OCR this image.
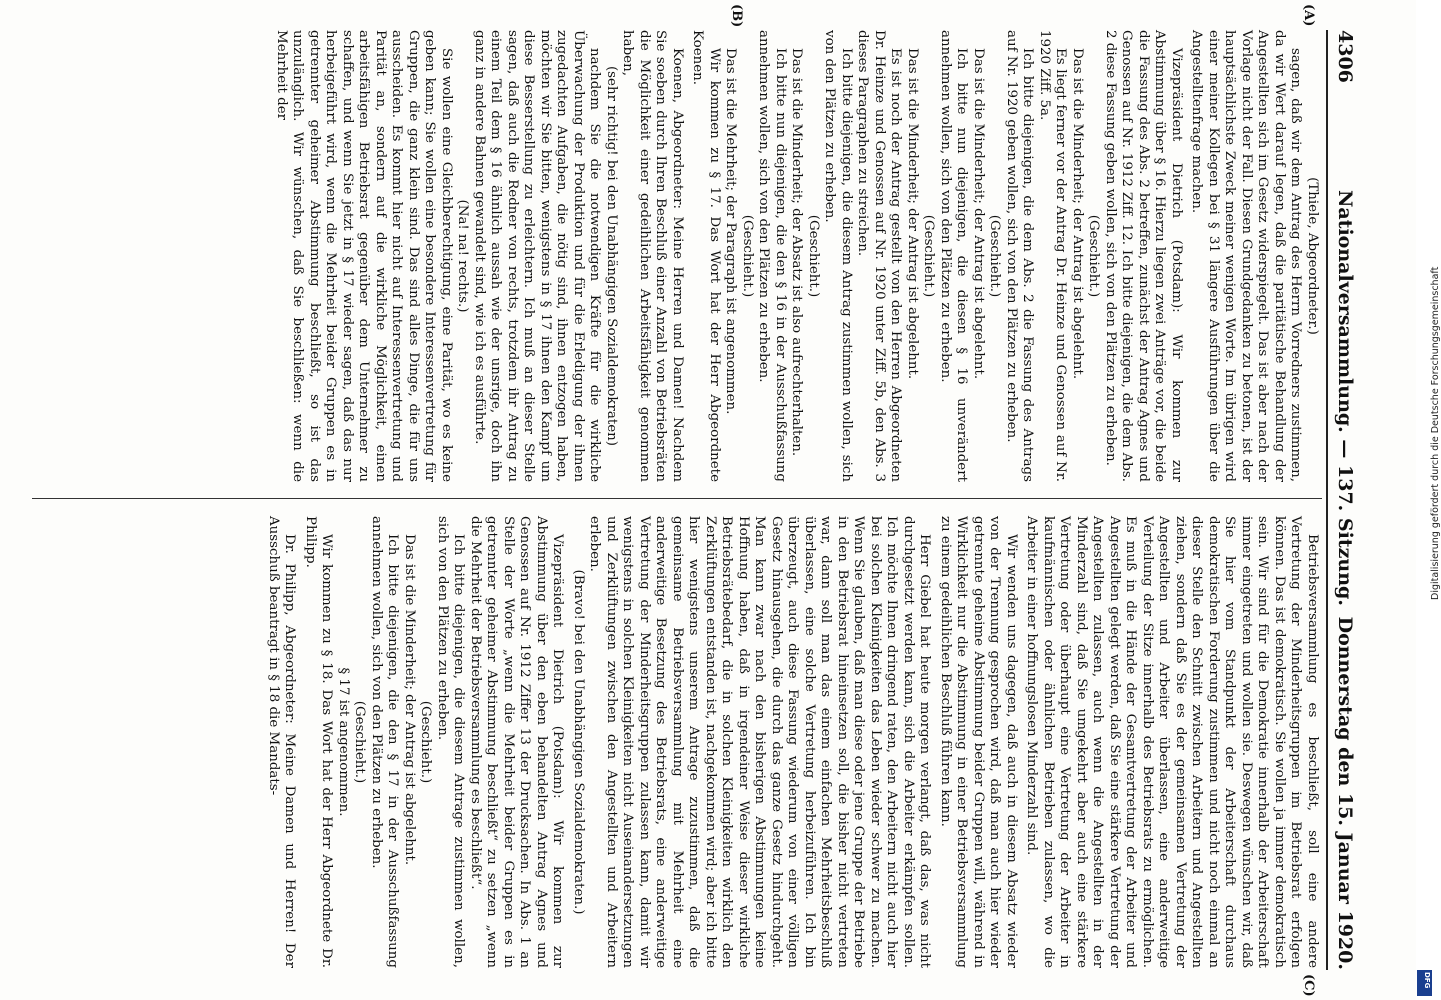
4306
Nationalversammlung. — 137. Sitzung.
Donnerstag den 15. Januar 1920.
(A)
(B)
(C)

(Thiele, Abgeordneter.)

sagen, daß wir dem Antrag des Herrn Vorredners zustimmen, da wir Wert darauf legen, daß die paritätische Behandlung der Angestellten sich im Gesetz widerspiegelt. Das ist aber nach der Vorlage nicht der Fall. Diesen Grundgedanken zu betonen, ist der hauptsächlichste Zweck meiner wenigen Worte. Im übrigen wird einer meiner Kollegen bei § 31 längere Ausführungen über die Angestelltenfrage machen.

Vizepräsident Dietrich (Potsdam): Wir kommen zur Abstimmung über § 16. Hierzu liegen zwei Anträge vor, die beide die Fassung des Abs. 2 betreffen, zunächst der Antrag Agnes und Genossen auf Nr. 1912 Ziff. 12. Ich bitte diejenigen, die dem Abs. 2 diese Fassung geben wollen, sich von den Plätzen zu erheben.

(Geschieht.)

Das ist die Minderheit; der Antrag ist abgelehnt.

Es liegt ferner vor der Antrag Dr. Heinze und Genossen auf Nr. 1920 Ziff. 5a.

Ich bitte diejenigen, die dem Abs. 2 die Fassung des Antrags auf Nr. 1920 geben wollen, sich von den Plätzen zu erheben.

(Geschieht.)

Das ist die Minderheit; der Antrag ist abgelehnt.

Ich bitte nun diejenigen, die diesen § 16 unverändert annehmen wollen, sich von den Plätzen zu erheben.

(Geschieht.)

Das ist die Minderheit; der Antrag ist abgelehnt.

Es ist noch der Antrag gestellt von den Herren Abgeordneten Dr. Heinze und Genossen auf Nr. 1920 unter Ziff. 5b, den Abs. 3 dieses Paragraphen zu streichen.

Ich bitte diejenigen, die diesem Antrag zustimmen wollen, sich von den Plätzen zu erheben.

(Geschieht.)

Das ist die Minderheit; der Absatz ist also aufrechterhalten.

Ich bitte nun diejenigen, die den § 16 in der Ausschußfassung annehmen wollen, sich von den Plätzen zu erheben.

(Geschieht.)

Das ist die Mehrheit; der Paragraph ist angenommen.

Wir kommen zu § 17. Das Wort hat der Herr Abgeordnete Koenen.

Koenen, Abgeordneter: Meine Herren und Damen! Nachdem Sie soeben durch Ihren Beschluß einer Anzahl von Betriebsräten die Möglichkeit einer gedeihlichen Arbeitsfähigkeit genommen haben,

(sehr richtig! bei den Unabhängigen Sozialdemokraten)

nachdem Sie die notwendigen Kräfte für die wirkliche Überwachung der Produktion und für die Erledigung der ihnen zugedachten Aufgaben, die nötig sind, ihnen entzogen haben, möchten wir Sie bitten, wenigstens in § 17 ihnen den Kampf um diese Besserstellung zu erleichtern. Ich muß an dieser Stelle sagen, daß auch die Redner von rechts, trotzdem ihr Antrag zu einem Teil dem § 16 ähnlich aussah wie der unsrige, doch ihn ganz in andere Bahnen gewandelt sind, wie ich es ausführte.

(Na! na! rechts.)

Sie wollen eine Gleichberechtigung, eine Parität, wo es keine geben kann; Sie wollen eine besondere Interessenvertretung für Gruppen, die ganz klein sind. Das sind alles Dinge, die für uns ausscheiden. Es kommt hier nicht auf Interessenvertretung und Parität an, sondern auf die wirkliche Möglichkeit, einen arbeitsfähigen Betriebsrat gegenüber dem Unternehmer zu schaffen, und wenn Sie jetzt in § 17 wieder sagen, daß das nur herbeigeführt wird, wenn die Mehrheit beider Gruppen es in getrennter geheimer Abstimmung beschließt, so ist das unzulänglich. Wir wünschen, daß Sie beschließen: wenn die Mehrheit der

Betriebsversammlung es beschließt, soll eine andere Vertretung der Minderheitsgruppen im Betriebsrat erfolgen können. Das ist demokratisch. Sie wollen ja immer demokratisch sein. Wir sind für die Demokratie innerhalb der Arbeiterschaft immer eingetreten und wollen sie. Deswegen wünschen wir, daß Sie hier vom Standpunkt der Arbeiterschaft durchaus demokratischen Forderung zustimmen und nicht noch einmal an dieser Stelle den Schnitt zwischen Arbeitern und Angestellten ziehen, sondern daß Sie es der gemeinsamen Vertretung der Angestellten und Arbeiter überlassen, eine anderweitige Verteilung der Sitze innerhalb des Betriebsrats zu ermöglichen. Es muß in die Hände der Gesamtvertretung der Arbeiter und Angestellten gelegt werden, daß Sie eine stärkere Vertretung der Angestellten zulassen, auch wenn die Angestellten in der Minderzahl sind, daß Sie umgekehrt aber auch eine stärkere Vertretung oder überhaupt eine Vertretung der Arbeiter in kaufmännischen oder ähnlichen Betrieben zulassen, wo die Arbeiter in einer hoffnungslosen Minderzahl sind.

Wir wenden uns dagegen, daß auch in diesem Absatz wieder von der Trennung gesprochen wird, daß man auch hier wieder getrennte geheime Abstimmung beider Gruppen will, während in Wirklichkeit nur die Abstimmung in einer Betriebsversammlung zu einem gedeihlichen Beschluß führen kann.

Herr Giebel hat heute morgen verlangt, daß das, was nicht durchgesetzt werden kann, sich die Arbeiter erkämpfen sollen. Ich möchte Ihnen dringend raten, den Arbeitern nicht auch hier bei solchen Kleinigkeiten das Leben wieder schwer zu machen. Wenn Sie glauben, daß man diese oder jene Gruppe der Betriebe in den Betriebsrat hineinsetzen soll, die bisher nicht vertreten war, dann soll man das einem einfachen Mehrheitsbeschluß überlassen, eine solche Vertretung herbeizuführen. Ich bin überzeugt, auch diese Fassung wiederum von einer völligen Gesetz hinausgehen, die durch das ganze Gesetz hindurchgeht. Man kann zwar nach den bisherigen Abstimmungen keine Hoffnung haben, daß in irgendeiner Weise dieser wirkliche Betriebsrätebedarf, die in solchen Kleinigkeiten wirklich den Zerklüftungen entstanden ist, nachgekommen wird; aber ich bitte hier wenigstens unserem Antrage zuzustimmen, daß die gemeinsame Betriebsversammlung mit Mehrheit eine anderweitige Besetzung des Betriebsrats, eine anderweitige Vertretung der Minderheitsgruppen zulassen kann, damit wir wenigstens in solchen Kleinigkeiten nicht Auseinandersetzungen und Zerklüftungen zwischen den Angestellten und Arbeitern erleben.

(Bravo! bei den Unabhängigen Sozialdemokraten.)

Vizepräsident Dietrich (Potsdam): Wir kommen zur Abstimmung über den eben behandelten Antrag Agnes und Genossen auf Nr. 1912 Ziffer 13 der Drucksachen. In Abs. 1 an Stelle der Worte „wenn die Mehrheit beider Gruppen es in getrennter geheimer Abstimmung beschließt“ zu setzen „wenn die Mehrheit der Betriebsversammlung es beschließt“.

Ich bitte diejenigen, die diesem Antrage zustimmen wollen, sich von den Plätzen zu erheben.

(Geschieht.)

Das ist die Minderheit; der Antrag ist abgelehnt.

Ich bitte diejenigen, die den § 17 in der Ausschußfassung annehmen wollen, sich von den Plätzen zu erheben.

(Geschieht.)

§ 17 ist angenommen.

Wir kommen zu § 18. Das Wort hat der Herr Abgeordnete Dr. Philipp.

Dr. Philipp, Abgeordneter: Meine Damen und Herren! Der Ausschuß beantragt in § 18 die Mandats-

Digitalisierung gefördert durch die Deutsche Forschungsgemeinschaft
DFG
